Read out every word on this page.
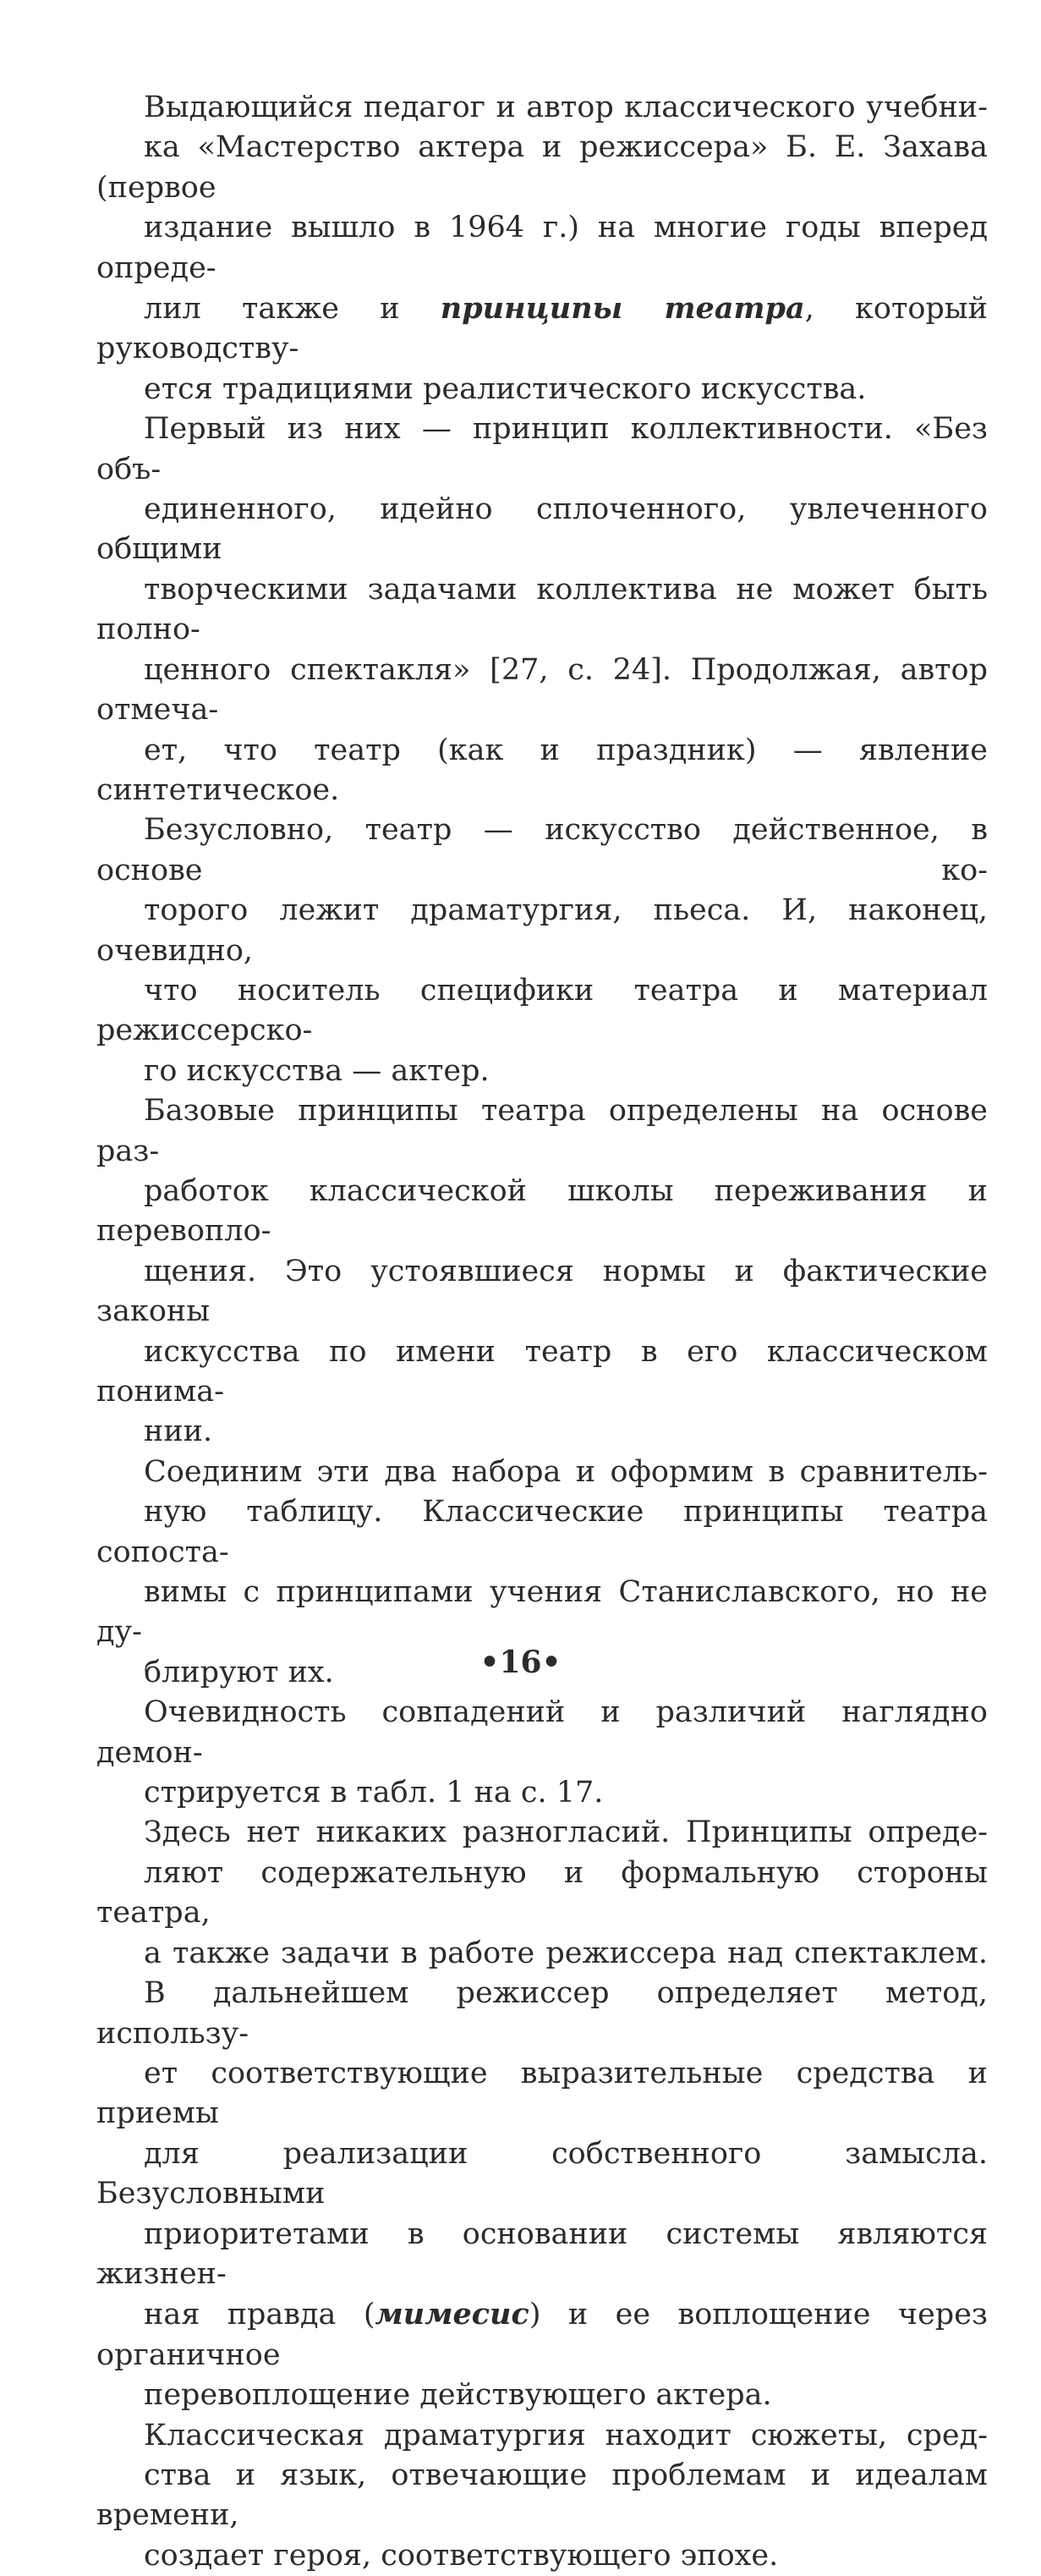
Выдающийся педагог и автор классического учебни-
ка «Мастерство актера и режиссера» Б. Е. Захава (первое
издание вышло в 1964 г.) на многие годы вперед опреде-
лил также и принципы театра, который руководству-
ется традициями реалистического искусства.
Первый из них — принцип коллективности. «Без объ-
единенного, идейно сплоченного, увлеченного общими
творческими задачами коллектива не может быть полно-
ценного спектакля» [27, с. 24]. Продолжая, автор отмеча-
ет, что театр (как и праздник) — явление синтетическое.
Безусловно, театр — искусство действенное, в основе ко-
торого лежит драматургия, пьеса. И, наконец, очевидно,
что носитель специфики театра и материал режиссерско-
го искусства — актер.
Базовые принципы театра определены на основе раз-
работок классической школы переживания и перевопло-
щения. Это устоявшиеся нормы и фактические законы
искусства по имени театр в его классическом понима-
нии.
Соединим эти два набора и оформим в сравнитель-
ную таблицу. Классические принципы театра сопоста-
вимы с принципами учения Станиславского, но не ду-
блируют их.
Очевидность совпадений и различий наглядно демон-
стрируется в табл. 1 на с. 17.
Здесь нет никаких разногласий. Принципы опреде-
ляют содержательную и формальную стороны театра,
а также задачи в работе режиссера над спектаклем.
В дальнейшем режиссер определяет метод, использу-
ет соответствующие выразительные средства и приемы
для реализации собственного замысла. Безусловными
приоритетами в основании системы являются жизнен-
ная правда (мимесис) и ее воплощение через органичное
перевоплощение действующего актера.
Классическая драматургия находит сюжеты, сред-
ства и язык, отвечающие проблемам и идеалам времени,
создает героя, соответствующего эпохе.
•16•
